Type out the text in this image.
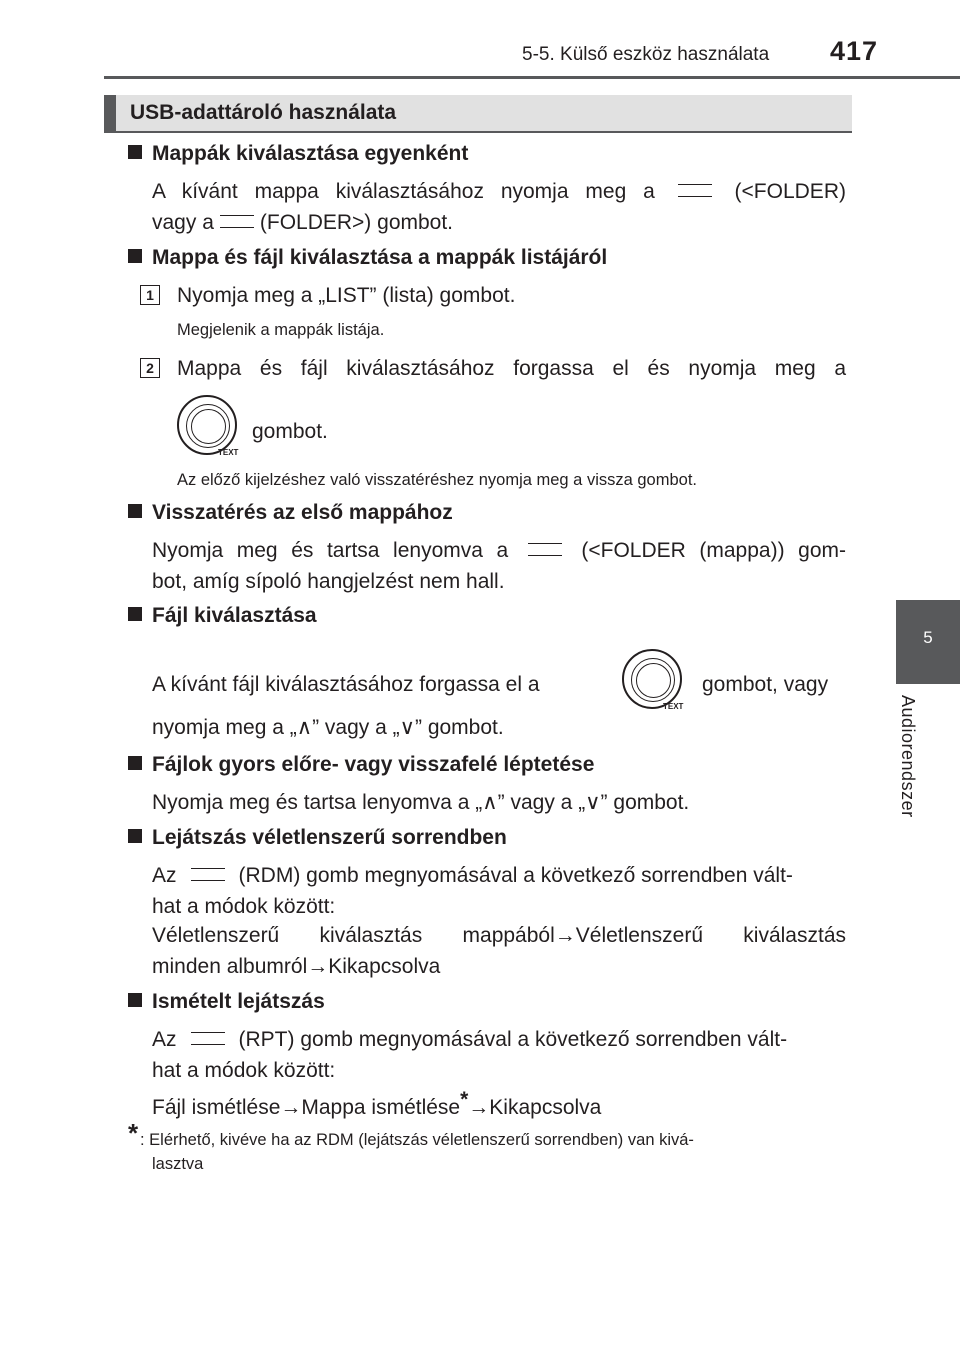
5-5. Külső eszköz használata 417
5
Audiorendszer
USB-adattároló használata
Mappák kiválasztása egyenként
A kívánt mappa kiválasztásához nyomja meg a	(<FOLDER)
vagy a (FOLDER>) gombot.
Mappa és fájl kiválasztása a mappák listájáról
1 Nyomja meg a „LIST” (lista) gombot.
Megjelenik a mappák listája.
2 Mappa és fájl kiválasztásához forgassa el és nyomja meg a
TEXT
gombot.
Az előző kijelzéshez való visszatéréshez nyomja meg a vissza gombot.
Visszatérés az első mappához
Nyomja meg és tartsa lenyomva a	(<FOLDER (mappa)) gom-
bot, amíg sípoló hangjelzést nem hall.
Fájl kiválasztása
A kívánt fájl kiválasztásához forgassa el a
TEXT
gombot, vagy
nyomja meg a „∧” vagy a „∨” gombot.
Fájlok gyors előre- vagy visszafelé léptetése
Nyomja meg és tartsa lenyomva a „∧” vagy a „∨” gombot.
Lejátszás véletlenszerű sorrendben
Az	(RDM) gomb megnyomásával a következő sorrendben vált-
hat a módok között:
Véletlenszerű kiválasztás mappából→Véletlenszerű kiválasztás
minden albumról→Kikapcsolva
Ismételt lejátszás
Az	(RPT) gomb megnyomásával a következő sorrendben vált-
hat a módok között:
Fájl ismétlése→Mappa ismétlése*→Kikapcsolva
* : Elérhető, kivéve ha az RDM (lejátszás véletlenszerű sorrendben) van kivá-
lasztva
